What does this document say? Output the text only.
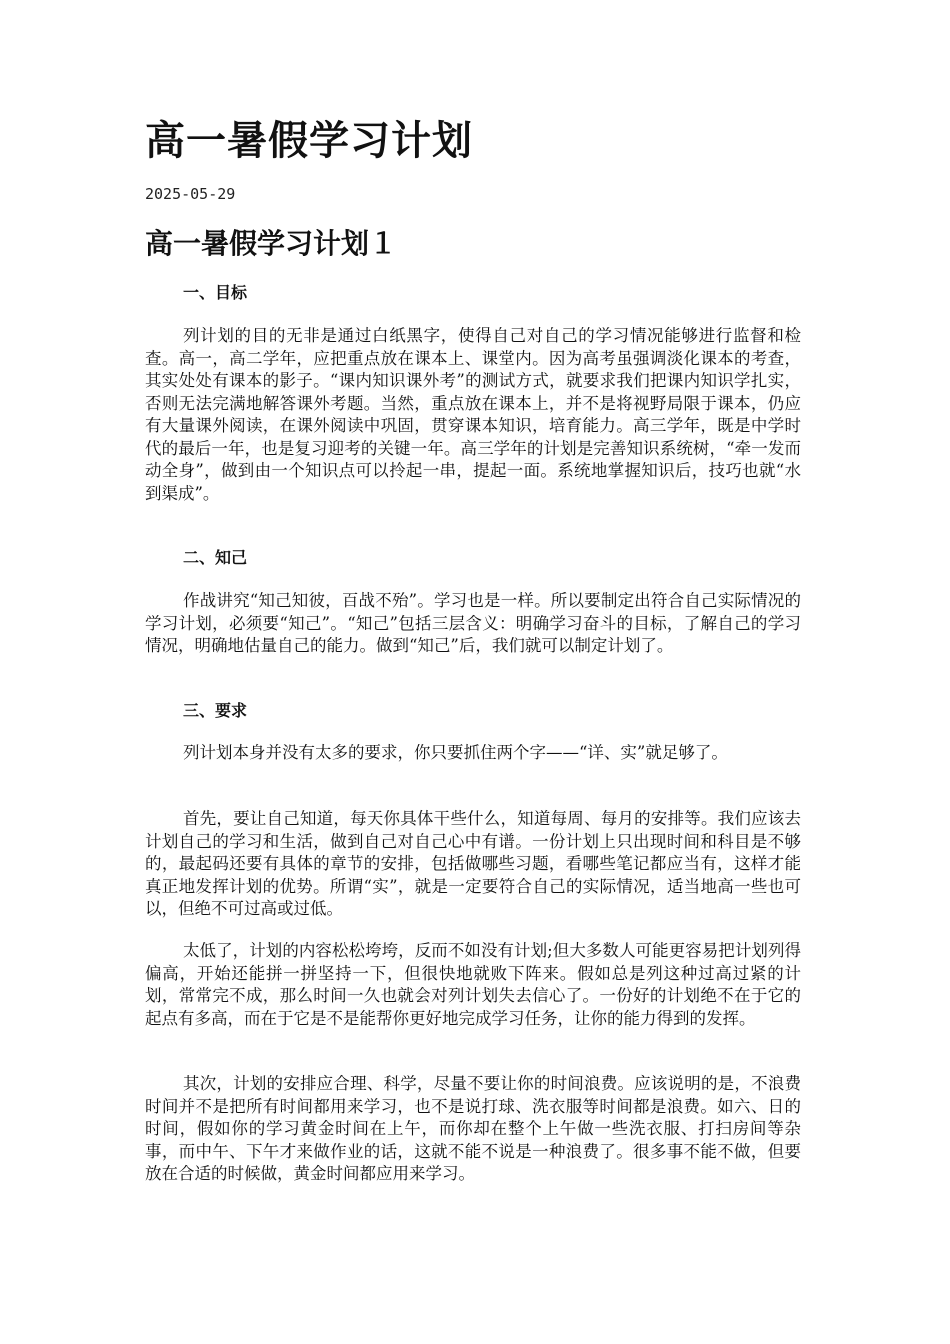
高一暑假学习计划
2025-05-29
高一暑假学习计划１
一、目标

列计划的目的无非是通过白纸黑字，使得自己对自己的学习情况能够进行监督和检查。高一，高二学年，应把重点放在课本上、课堂内。因为高考虽强调淡化课本的考查，其实处处有课本的影子。“课内知识课外考”的测试方式，就要求我们把课内知识学扎实，否则无法完满地解答课外考题。当然，重点放在课本上，并不是将视野局限于课本，仍应有大量课外阅读，在课外阅读中巩固，贯穿课本知识，培育能力。高三学年，既是中学时代的最后一年，也是复习迎考的关键一年。高三学年的计划是完善知识系统树，“牵一发而动全身”，做到由一个知识点可以拎起一串，提起一面。系统地掌握知识后，技巧也就“水到渠成”。

二、知己

作战讲究“知己知彼，百战不殆”。学习也是一样。所以要制定出符合自己实际情况的学习计划，必须要“知己”。“知己”包括三层含义：明确学习奋斗的目标，了解自己的学习情况，明确地估量自己的能力。做到“知己”后，我们就可以制定计划了。

三、要求

列计划本身并没有太多的要求，你只要抓住两个字——“详、实”就足够了。

首先，要让自己知道，每天你具体干些什么，知道每周、每月的安排等。我们应该去计划自己的学习和生活，做到自己对自己心中有谱。一份计划上只出现时间和科目是不够的，最起码还要有具体的章节的安排，包括做哪些习题，看哪些笔记都应当有，这样才能真正地发挥计划的优势。所谓“实”，就是一定要符合自己的实际情况，适当地高一些也可以，但绝不可过高或过低。

太低了，计划的内容松松垮垮，反而不如没有计划;但大多数人可能更容易把计划列得偏高，开始还能拼一拼坚持一下，但很快地就败下阵来。假如总是列这种过高过紧的计划，常常完不成，那么时间一久也就会对列计划失去信心了。一份好的计划绝不在于它的起点有多高，而在于它是不是能帮你更好地完成学习任务，让你的能力得到的发挥。

其次，计划的安排应合理、科学，尽量不要让你的时间浪费。应该说明的是，不浪费时间并不是把所有时间都用来学习，也不是说打球、洗衣服等时间都是浪费。如六、日的时间，假如你的学习黄金时间在上午，而你却在整个上午做一些洗衣服、打扫房间等杂事，而中午、下午才来做作业的话，这就不能不说是一种浪费了。很多事不能不做，但要放在合适的时候做，黄金时间都应用来学习。
